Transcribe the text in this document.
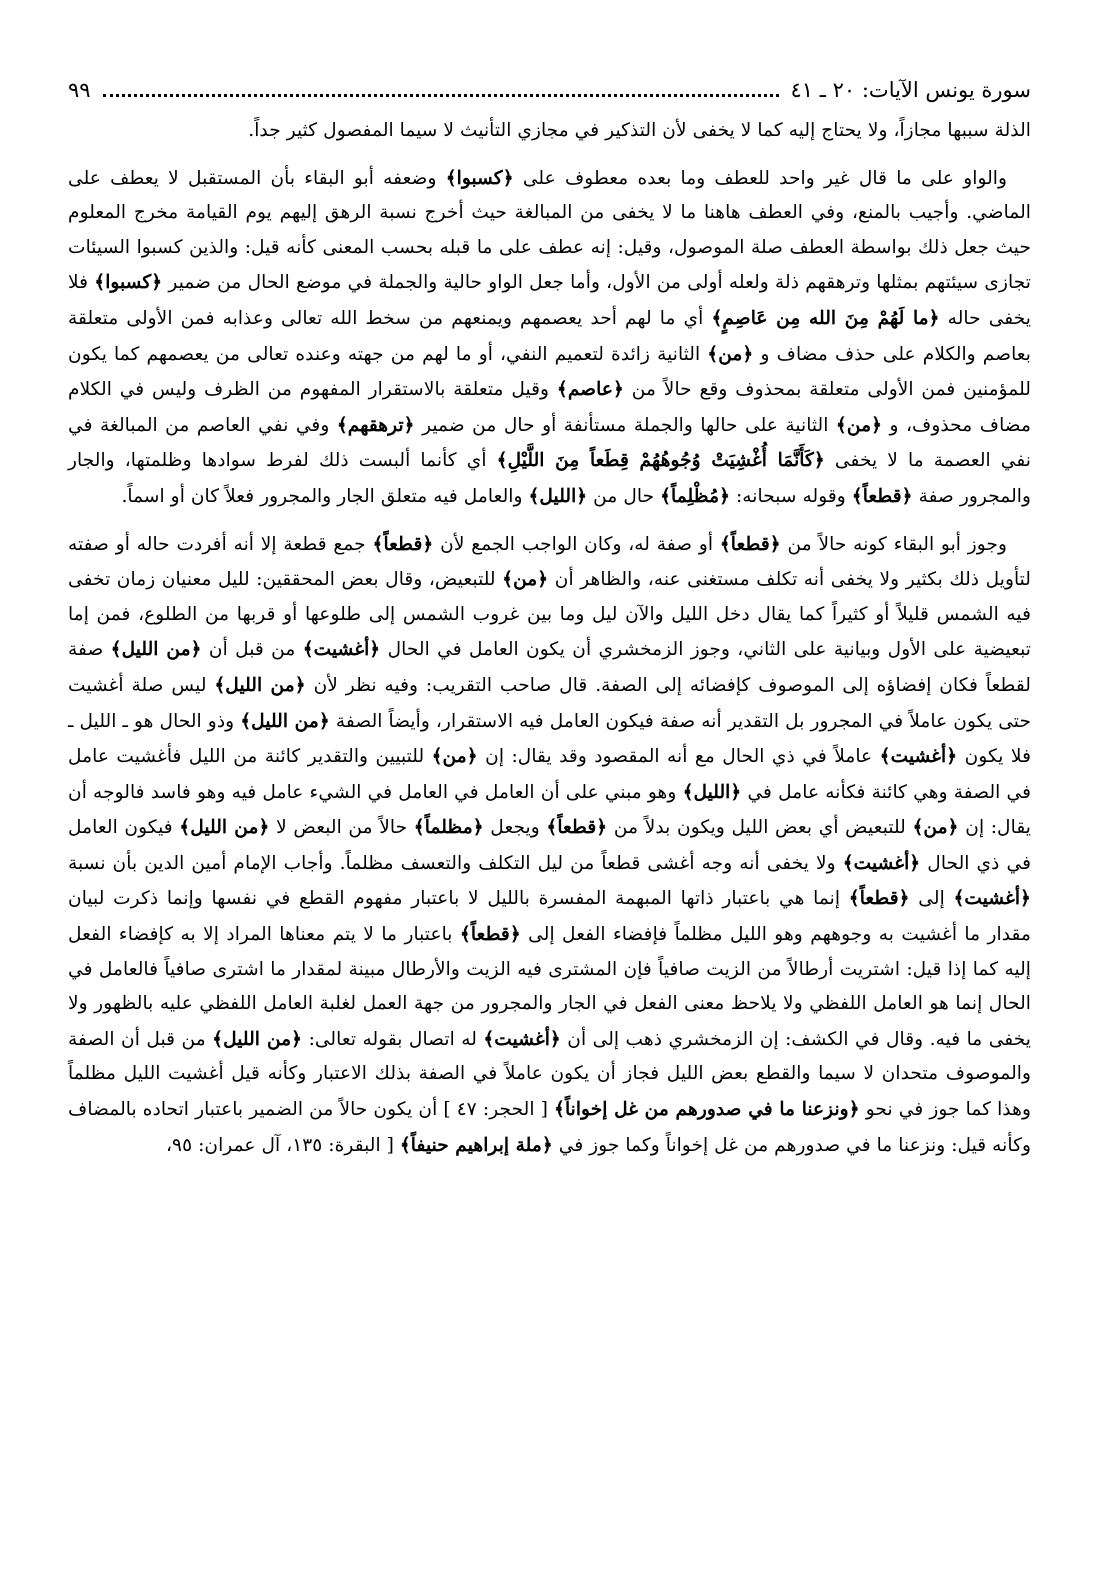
سورة يونس الآيات: ٢٠ ـ ٤١
٩٩

الذلة سببها مجازاً، ولا يحتاج إليه كما لا يخفى لأن التذكير في مجازي التأنيث لا سيما المفصول كثير جداً.

والواو على ما قال غير واحد للعطف وما بعده معطوف على ﴿كسبوا﴾ وضعفه أبو البقاء بأن المستقبل لا يعطف على الماضي. وأجيب بالمنع، وفي العطف هاهنا ما لا يخفى من المبالغة حيث أخرج نسبة الرهق إليهم يوم القيامة مخرج المعلوم حيث جعل ذلك بواسطة العطف صلة الموصول، وقيل: إنه عطف على ما قبله بحسب المعنى كأنه قيل: والذين كسبوا السيئات تجازى سيئتهم بمثلها وترهقهم ذلة ولعله أولى من الأول، وأما جعل الواو حالية والجملة في موضع الحال من ضمير ﴿كسبوا﴾ فلا يخفى حاله ﴿ما لَهُمْ مِنَ الله مِن عَاصِمٍ﴾ أي ما لهم أحد يعصمهم ويمنعهم من سخط الله تعالى وعذابه فمن الأولى متعلقة بعاصم والكلام على حذف مضاف و ﴿من﴾ الثانية زائدة لتعميم النفي، أو ما لهم من جهته وعنده تعالى من يعصمهم كما يكون للمؤمنين فمن الأولى متعلقة بمحذوف وقع حالاً من ﴿عاصم﴾ وقيل متعلقة بالاستقرار المفهوم من الظرف وليس في الكلام مضاف محذوف، و ﴿من﴾ الثانية على حالها والجملة مستأنفة أو حال من ضمير ﴿ترهقهم﴾ وفي نفي العاصم من المبالغة في نفي العصمة ما لا يخفى ﴿كَأَنَّمَا أُغْشِيَتْ وُجُوهُهُمْ قِطَعاً مِنَ اللَّيْلِ﴾ أي كأنما ألبست ذلك لفرط سوادها وظلمتها، والجار والمجرور صفة ﴿قطعاً﴾ وقوله سبحانه: ﴿مُظْلِماً﴾ حال من ﴿الليل﴾ والعامل فيه متعلق الجار والمجرور فعلاً كان أو اسماً.

وجوز أبو البقاء كونه حالاً من ﴿قطعاً﴾ أو صفة له، وكان الواجب الجمع لأن ﴿قطعاً﴾ جمع قطعة إلا أنه أفردت حاله أو صفته لتأويل ذلك بكثير ولا يخفى أنه تكلف مستغنى عنه، والظاهر أن ﴿من﴾ للتبعيض، وقال بعض المحققين: لليل معنيان زمان تخفى فيه الشمس قليلاً أو كثيراً كما يقال دخل الليل والآن ليل وما بين غروب الشمس إلى طلوعها أو قربها من الطلوع، فمن إما تبعيضية على الأول وبيانية على الثاني، وجوز الزمخشري أن يكون العامل في الحال ﴿أغشيت﴾ من قبل أن ﴿من الليل﴾ صفة لقطعاً فكان إفضاؤه إلى الموصوف كإفضائه إلى الصفة. قال صاحب التقريب: وفيه نظر لأن ﴿من الليل﴾ ليس صلة أغشيت حتى يكون عاملاً في المجرور بل التقدير أنه صفة فيكون العامل فيه الاستقرار، وأيضاً الصفة ﴿من الليل﴾ وذو الحال هو ـ الليل ـ فلا يكون ﴿أغشيت﴾ عاملاً في ذي الحال مع أنه المقصود وقد يقال: إن ﴿من﴾ للتبيين والتقدير كائنة من الليل فأغشيت عامل في الصفة وهي كائنة فكأنه عامل في ﴿الليل﴾ وهو مبني على أن العامل في العامل في الشيء عامل فيه وهو فاسد فالوجه أن يقال: إن ﴿من﴾ للتبعيض أي بعض الليل ويكون بدلاً من ﴿قطعاً﴾ ويجعل ﴿مظلماً﴾ حالاً من البعض لا ﴿من الليل﴾ فيكون العامل في ذي الحال ﴿أغشيت﴾ ولا يخفى أنه وجه أغشى قطعاً من ليل التكلف والتعسف مظلماً. وأجاب الإمام أمين الدين بأن نسبة ﴿أغشيت﴾ إلى ﴿قطعاً﴾ إنما هي باعتبار ذاتها المبهمة المفسرة بالليل لا باعتبار مفهوم القطع في نفسها وإنما ذكرت لبيان مقدار ما أغشيت به وجوههم وهو الليل مظلماً فإفضاء الفعل إلى ﴿قطعاً﴾ باعتبار ما لا يتم معناها المراد إلا به كإفضاء الفعل إليه كما إذا قيل: اشتريت أرطالاً من الزيت صافياً فإن المشترى فيه الزيت والأرطال مبينة لمقدار ما اشترى صافياً فالعامل في الحال إنما هو العامل اللفظي ولا يلاحظ معنى الفعل في الجار والمجرور من جهة العمل لغلبة العامل اللفظي عليه بالظهور ولا يخفى ما فيه. وقال في الكشف: إن الزمخشري ذهب إلى أن ﴿أغشيت﴾ له اتصال بقوله تعالى: ﴿من الليل﴾ من قبل أن الصفة والموصوف متحدان لا سيما والقطع بعض الليل فجاز أن يكون عاملاً في الصفة بذلك الاعتبار وكأنه قيل أغشيت الليل مظلماً وهذا كما جوز في نحو ﴿ونزعنا ما في صدورهم من غل إخواناً﴾ [ الحجر: ٤٧ ] أن يكون حالاً من الضمير باعتبار اتحاده بالمضاف وكأنه قيل: ونزعنا ما في صدورهم من غل إخواناً وكما جوز في ﴿ملة إبراهيم حنيفاً﴾ [ البقرة: ١٣٥، آل عمران: ٩٥،
